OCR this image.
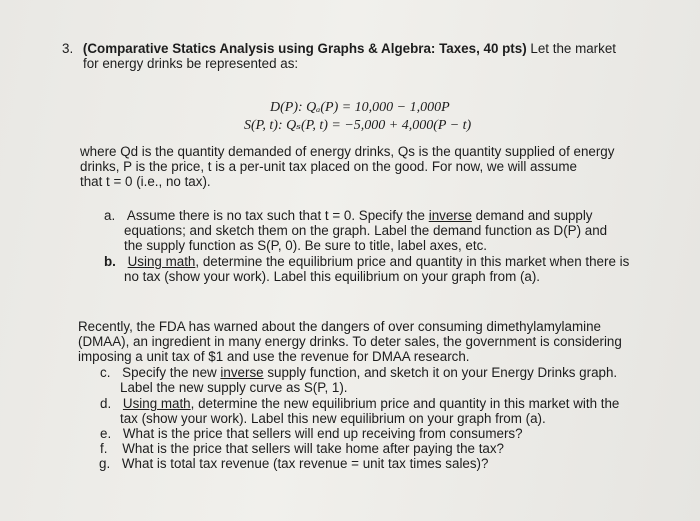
3. (Comparative Statics Analysis using Graphs & Algebra: Taxes, 40 pts) Let the market
for energy drinks be represented as:
D(P): Qₐ(P) = 10,000 − 1,000P
S(P, t): Qₛ(P, t) = −5,000 + 4,000(P − t)
where Qd is the quantity demanded of energy drinks, Qs is the quantity supplied of energy
drinks, P is the price, t is a per-unit tax placed on the good. For now, we will assume
that t = 0 (i.e., no tax).
a. Assume there is no tax such that t = 0. Specify the inverse demand and supply
equations; and sketch them on the graph. Label the demand function as D(P) and
the supply function as S(P, 0). Be sure to title, label axes, etc.
b. Using math, determine the equilibrium price and quantity in this market when there is
no tax (show your work). Label this equilibrium on your graph from (a).
Recently, the FDA has warned about the dangers of over consuming dimethylamylamine
(DMAA), an ingredient in many energy drinks. To deter sales, the government is considering
imposing a unit tax of $1 and use the revenue for DMAA research.
c. Specify the new inverse supply function, and sketch it on your Energy Drinks graph.
Label the new supply curve as S(P, 1).
d. Using math, determine the new equilibrium price and quantity in this market with the
tax (show your work). Label this new equilibrium on your graph from (a).
e. What is the price that sellers will end up receiving from consumers?
f. What is the price that sellers will take home after paying the tax?
g. What is total tax revenue (tax revenue = unit tax times sales)?
